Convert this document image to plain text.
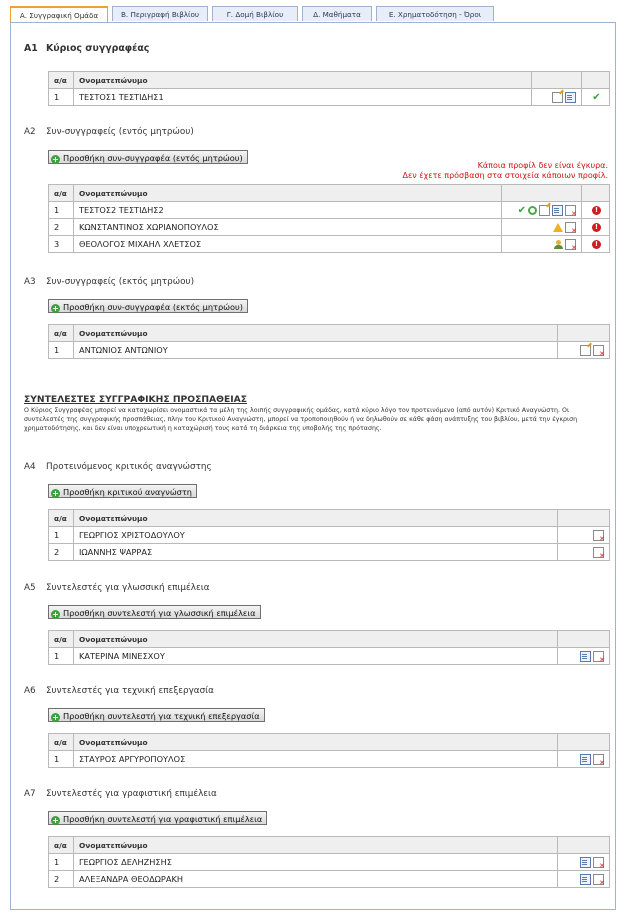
Α. Συγγραφική Ομάδα	Β. Περιγραφή Βιβλίου	Γ. Δομή Βιβλίου	Δ. Μαθήματα	Ε. Χρηματοδότηση - Όροι
Α1 Κύριος συγγραφέας
α/α	Ονοματεπώνυμο		
1	ΤΕΣΤΟΣ1 ΤΕΣΤΙΔΗΣ1		✔
Α2 Συν-συγγραφείς (εντός μητρώου)
+ Προσθήκη συν-συγγραφέα (εντός μητρώου)
Κάποια προφίλ δεν είναι έγκυρα.
Δεν έχετε πρόσβαση στα στοιχεία κάποιων προφίλ.
α/α	Ονοματεπώνυμο		
1	ΤΕΣΤΟΣ2 ΤΕΣΤΙΔΗΣ2	✔✕	!
2	ΚΩΝΣΤΑΝΤΙΝΟΣ ΧΩΡΙΑΝΟΠΟΥΛΟΣ	✕	!
3	ΘΕΟΛΟΓΟΣ ΜΙΧΑΗΛ ΧΛΕΤΣΟΣ	✕	!
Α3 Συν-συγγραφείς (εκτός μητρώου)
+ Προσθήκη συν-συγγραφέα (εκτός μητρώου)
α/α	Ονοματεπώνυμο	
1	ΑΝΤΩΝΙΟΣ ΑΝΤΩΝΙΟΥ	✕
ΣΥΝΤΕΛΕΣΤΕΣ ΣΥΓΓΡΑΦΙΚΗΣ ΠΡΟΣΠΑΘΕΙΑΣ
Ο Κύριος Συγγραφέας μπορεί να καταχωρίσει ονομαστικά τα μέλη της λοιπής συγγραφικής ομάδας, κατά κύριο λόγο τον προτεινόμενο (από αυτόν) Κριτικό Αναγνώστη. Οι συντελεστές της συγγραφικής προσπάθειας, πλην του Κριτικού Αναγνώστη, μπορεί να τροποποιηθούν ή να δηλωθούν σε κάθε φάση ανάπτυξης του βιβλίου, μετά την έγκριση χρηματοδότησης, και δεν είναι υποχρεωτική η καταχώρισή τους κατά τη διάρκεια της υποβολής της πρότασης.
Α4 Προτεινόμενος κριτικός αναγνώστης
+ Προσθήκη κριτικού αναγνώστη
α/α	Ονοματεπώνυμο	
1	ΓΕΩΡΓΙΟΣ ΧΡΙΣΤΟΔΟΥΛΟΥ	✕
2	ΙΩΑΝΝΗΣ ΨΑΡΡΑΣ	✕
Α5 Συντελεστές για γλωσσική επιμέλεια
+ Προσθήκη συντελεστή για γλωσσική επιμέλεια
α/α	Ονοματεπώνυμο	
1	ΚΑΤΕΡΙΝΑ ΜΙΝΕΣΧΟΥ	✕
Α6 Συντελεστές για τεχνική επεξεργασία
+ Προσθήκη συντελεστή για τεχνική επεξεργασία
α/α	Ονοματεπώνυμο	
1	ΣΤΑΥΡΟΣ ΑΡΓΥΡΟΠΟΥΛΟΣ	✕
Α7 Συντελεστές για γραφιστική επιμέλεια
+ Προσθήκη συντελεστή για γραφιστική επιμέλεια
α/α	Ονοματεπώνυμο	
1	ΓΕΩΡΓΙΟΣ ΔΕΛΗΖΗΣΗΣ	✕
2	ΑΛΕΞΑΝΔΡΑ ΘΕΟΔΩΡΑΚΗ	✕
